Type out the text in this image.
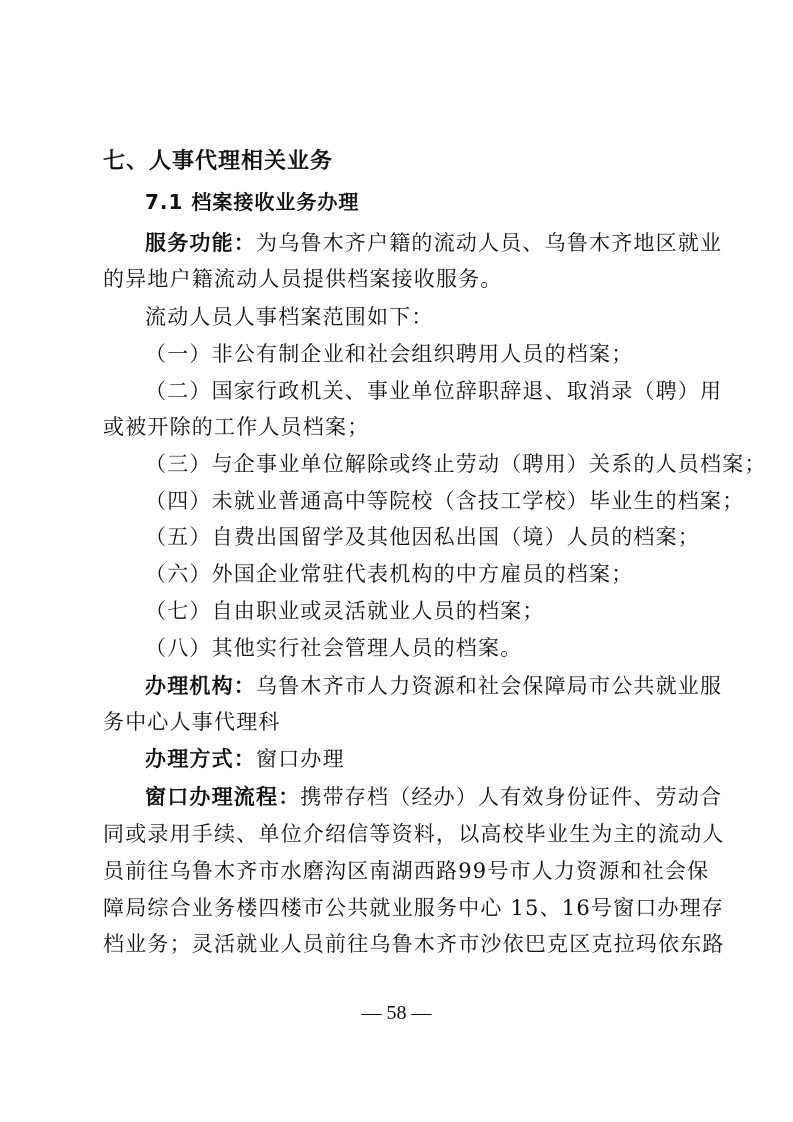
七、人事代理相关业务
7.1 档案接收业务办理
服务功能：为乌鲁木齐户籍的流动人员、乌鲁木齐地区就业
的异地户籍流动人员提供档案接收服务。
流动人员人事档案范围如下：
（一）非公有制企业和社会组织聘用人员的档案；
（二）国家行政机关、事业单位辞职辞退、取消录（聘）用
或被开除的工作人员档案；
（三）与企事业单位解除或终止劳动（聘用）关系的人员档案；
（四）未就业普通高中等院校（含技工学校）毕业生的档案；
（五）自费出国留学及其他因私出国（境）人员的档案；
（六）外国企业常驻代表机构的中方雇员的档案；
（七）自由职业或灵活就业人员的档案；
（八）其他实行社会管理人员的档案。
办理机构：乌鲁木齐市人力资源和社会保障局市公共就业服
务中心人事代理科
办理方式：窗口办理
窗口办理流程：携带存档（经办）人有效身份证件、劳动合
同或录用手续、单位介绍信等资料，以高校毕业生为主的流动人
员前往乌鲁木齐市水磨沟区南湖西路99号市人力资源和社会保
障局综合业务楼四楼市公共就业服务中心 15、16号窗口办理存
档业务；灵活就业人员前往乌鲁木齐市沙依巴克区克拉玛依东路
— 58 —
